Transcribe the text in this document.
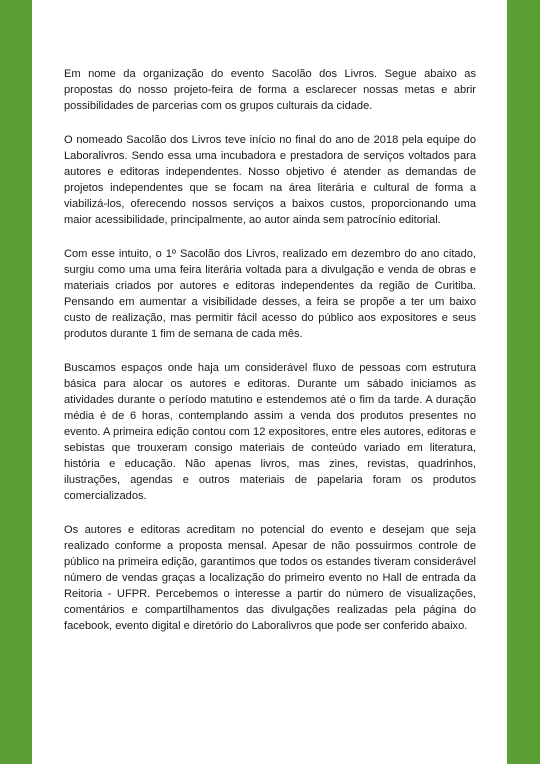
Em nome da organização do evento Sacolão dos Livros. Segue abaixo as propostas do nosso projeto-feira de forma a esclarecer nossas metas e abrir possibilidades de parcerias com os grupos culturais da cidade.

O nomeado Sacolão dos Livros teve início no final do ano de 2018 pela equipe do Laboralivros. Sendo essa uma incubadora e prestadora de serviços voltados para autores e editoras independentes. Nosso objetivo é atender as demandas de projetos independentes que se focam na área literária e cultural de forma a viabilizá-los, oferecendo nossos serviços a baixos custos, proporcionando uma maior acessibilidade, principalmente, ao autor ainda sem patrocínio editorial.

Com esse intuito, o 1º Sacolão dos Livros, realizado em dezembro do ano citado, surgiu como uma uma feira literária voltada para a divulgação e venda de obras e materiais criados por autores e editoras independentes da região de Curitiba. Pensando em aumentar a visibilidade desses, a feira se propõe a ter um baixo custo de realização, mas permitir fácil acesso do público aos expositores e seus produtos durante 1 fim de semana de cada mês.

Buscamos espaços onde haja um considerável fluxo de pessoas com estrutura básica para alocar os autores e editoras. Durante um sábado iniciamos as atividades durante o período matutino e estendemos até o fim da tarde. A duração média é de 6 horas, contemplando assim a venda dos produtos presentes no evento. A primeira edição contou com 12 expositores, entre eles autores, editoras e sebistas que trouxeram consigo materiais de conteúdo variado em literatura, história e educação. Não apenas livros, mas zines, revistas, quadrinhos, ilustrações, agendas e outros materiais de papelaria foram os produtos comercializados.

Os autores e editoras acreditam no potencial do evento e desejam que seja realizado conforme a proposta mensal. Apesar de não possuirmos controle de público na primeira edição, garantimos que todos os estandes tiveram considerável número de vendas graças a localização do primeiro evento no Hall de entrada da Reitoria - UFPR. Percebemos o interesse a partir do número de visualizações, comentários e compartilhamentos das divulgações realizadas pela página do facebook, evento digital e diretório do Laboralivros que pode ser conferido abaixo.
